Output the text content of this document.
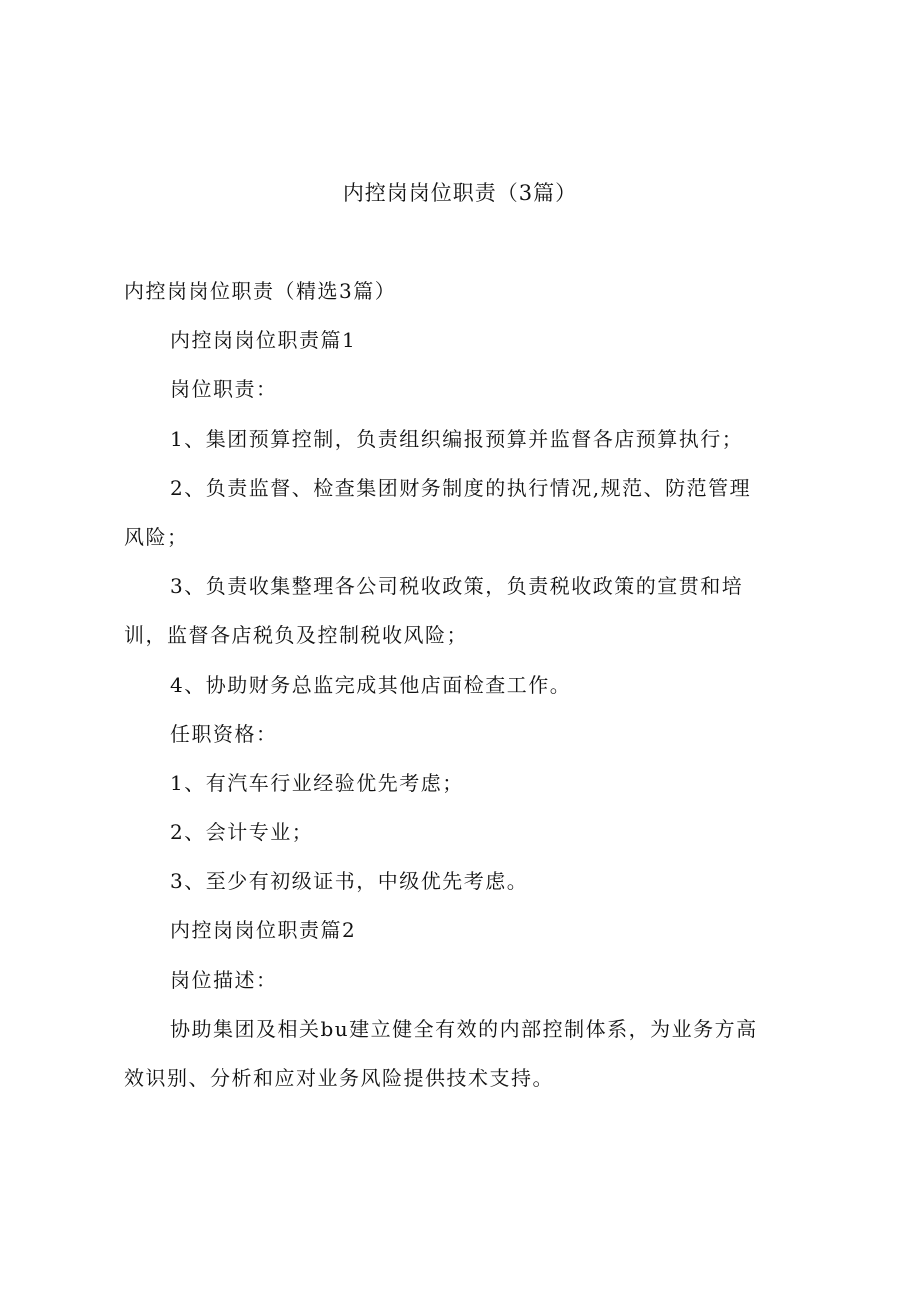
内控岗岗位职责（3篇）
内控岗岗位职责（精选3篇）
内控岗岗位职责篇1
岗位职责：
1、集团预算控制，负责组织编报预算并监督各店预算执行；
2、负责监督、检查集团财务制度的执行情况,规范、防范管理
风险；
3、负责收集整理各公司税收政策，负责税收政策的宣贯和培
训，监督各店税负及控制税收风险；
4、协助财务总监完成其他店面检查工作。
任职资格：
1、有汽车行业经验优先考虑；
2、会计专业；
3、至少有初级证书，中级优先考虑。
内控岗岗位职责篇2
岗位描述：
协助集团及相关bu建立健全有效的内部控制体系，为业务方高
效识别、分析和应对业务风险提供技术支持。
